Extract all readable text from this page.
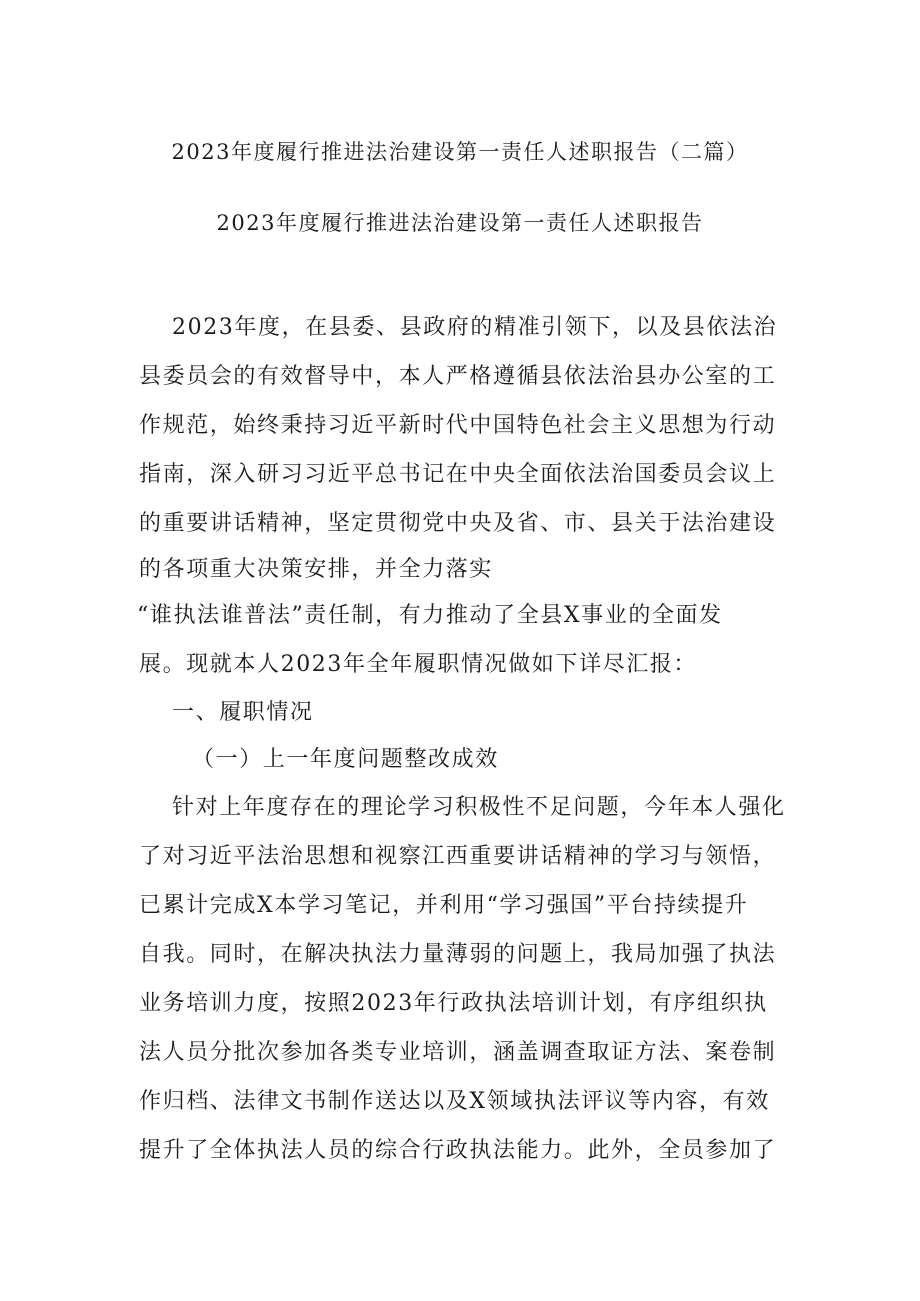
2023年度履行推进法治建设第一责任人述职报告（二篇）
2023年度履行推进法治建设第一责任人述职报告
2023年度，在县委、县政府的精准引领下，以及县依法治
县委员会的有效督导中，本人严格遵循县依法治县办公室的工
作规范，始终秉持习近平新时代中国特色社会主义思想为行动
指南，深入研习习近平总书记在中央全面依法治国委员会议上
的重要讲话精神，坚定贯彻党中央及省、市、县关于法治建设
的各项重大决策安排，并全力落实
“谁执法谁普法”责任制，有力推动了全县X事业的全面发
展。现就本人2023年全年履职情况做如下详尽汇报：
一、履职情况
（一）上一年度问题整改成效
针对上年度存在的理论学习积极性不足问题，今年本人强化
了对习近平法治思想和视察江西重要讲话精神的学习与领悟，
已累计完成X本学习笔记，并利用“学习强国”平台持续提升
自我。同时，在解决执法力量薄弱的问题上，我局加强了执法
业务培训力度，按照2023年行政执法培训计划，有序组织执
法人员分批次参加各类专业培训，涵盖调查取证方法、案卷制
作归档、法律文书制作送达以及X领域执法评议等内容，有效
提升了全体执法人员的综合行政执法能力。此外，全员参加了
